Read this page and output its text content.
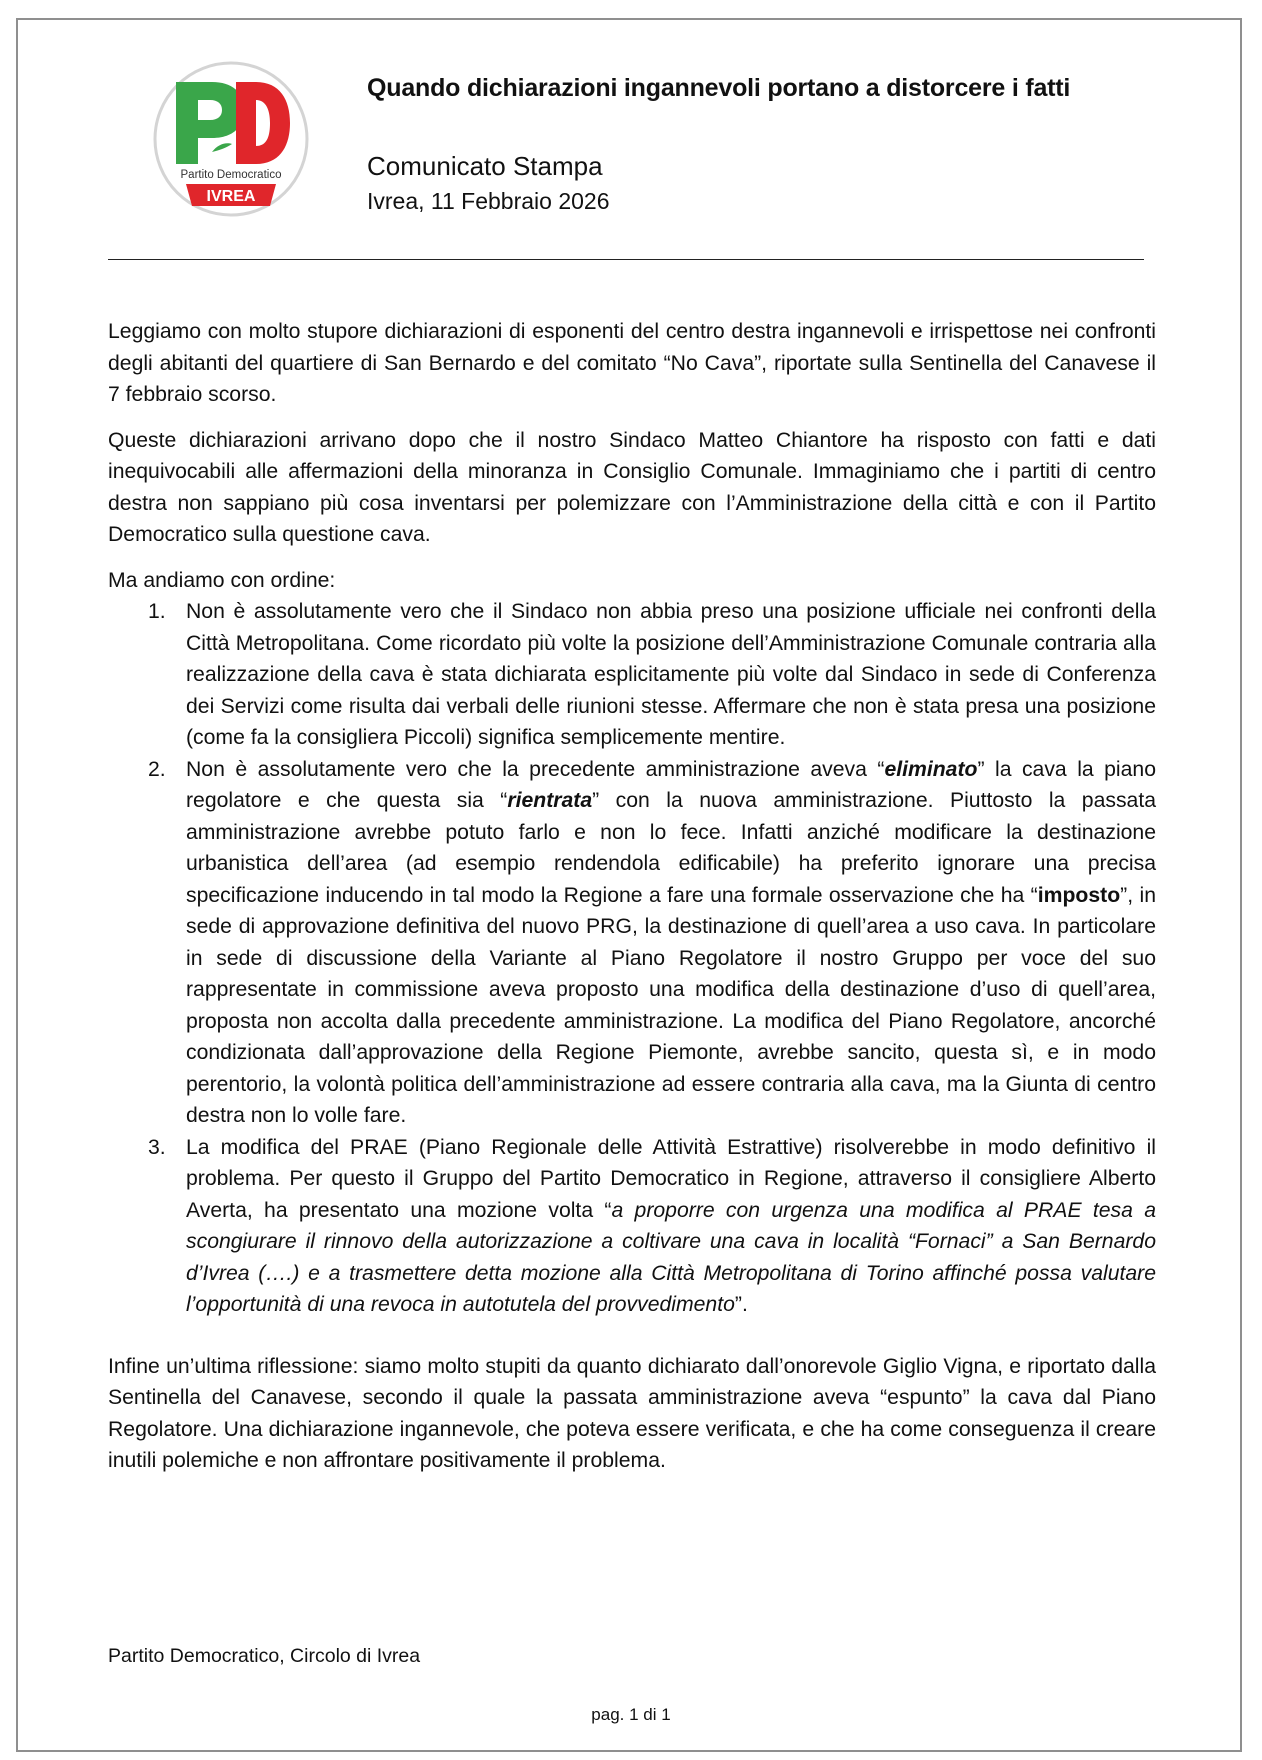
Partito Democratico
IVREA
Quando dichiarazioni ingannevoli portano a distorcere i fatti
Comunicato Stampa
Ivrea, 11 Febbraio 2026

Leggiamo con molto stupore dichiarazioni di esponenti del centro destra ingannevoli e irrispettose nei confronti degli abitanti del quartiere di San Bernardo e del comitato “No Cava”, riportate sulla Sentinella del Canavese il 7 febbraio scorso.

Queste dichiarazioni arrivano dopo che il nostro Sindaco Matteo Chiantore ha risposto con fatti e dati inequivocabili alle affermazioni della minoranza in Consiglio Comunale. Immaginiamo che i partiti di centro destra non sappiano più cosa inventarsi per polemizzare con l’Amministrazione della città e con il Partito Democratico sulla questione cava.

Ma andiamo con ordine:

1. Non è assolutamente vero che il Sindaco non abbia preso una posizione ufficiale nei confronti della Città Metropolitana. Come ricordato più volte la posizione dell’Amministrazione Comunale contraria alla realizzazione della cava è stata dichiarata esplicitamente più volte dal Sindaco in sede di Conferenza dei Servizi come risulta dai verbali delle riunioni stesse. Affermare che non è stata presa una posizione (come fa la consigliera Piccoli) significa semplicemente mentire.
2. Non è assolutamente vero che la precedente amministrazione aveva “eliminato” la cava la piano regolatore e che questa sia “rientrata” con la nuova amministrazione. Piuttosto la passata amministrazione avrebbe potuto farlo e non lo fece. Infatti anziché modificare la destinazione urbanistica dell’area (ad esempio rendendola edificabile) ha preferito ignorare una precisa specificazione inducendo in tal modo la Regione a fare una formale osservazione che ha “imposto”, in sede di approvazione definitiva del nuovo PRG, la destinazione di quell’area a uso cava. In particolare in sede di discussione della Variante al Piano Regolatore il nostro Gruppo per voce del suo rappresentate in commissione aveva proposto una modifica della destinazione d’uso di quell’area, proposta non accolta dalla precedente amministrazione. La modifica del Piano Regolatore, ancorché condizionata dall’approvazione della Regione Piemonte, avrebbe sancito, questa sì, e in modo perentorio, la volontà politica dell’amministrazione ad essere contraria alla cava, ma la Giunta di centro destra non lo volle fare.
3. La modifica del PRAE (Piano Regionale delle Attività Estrattive) risolverebbe in modo definitivo il problema. Per questo il Gruppo del Partito Democratico in Regione, attraverso il consigliere Alberto Averta, ha presentato una mozione volta “a proporre con urgenza una modifica al PRAE tesa a scongiurare il rinnovo della autorizzazione a coltivare una cava in località “Fornaci” a San Bernardo d’Ivrea (….) e a trasmettere detta mozione alla Città Metropolitana di Torino affinché possa valutare l’opportunità di una revoca in autotutela del provvedimento”.

Infine un’ultima riflessione: siamo molto stupiti da quanto dichiarato dall’onorevole Giglio Vigna, e riportato dalla Sentinella del Canavese, secondo il quale la passata amministrazione aveva “espunto” la cava dal Piano Regolatore. Una dichiarazione ingannevole, che poteva essere verificata, e che ha come conseguenza il creare inutili polemiche e non affrontare positivamente il problema.

Partito Democratico, Circolo di Ivrea
pag. 1 di 1
